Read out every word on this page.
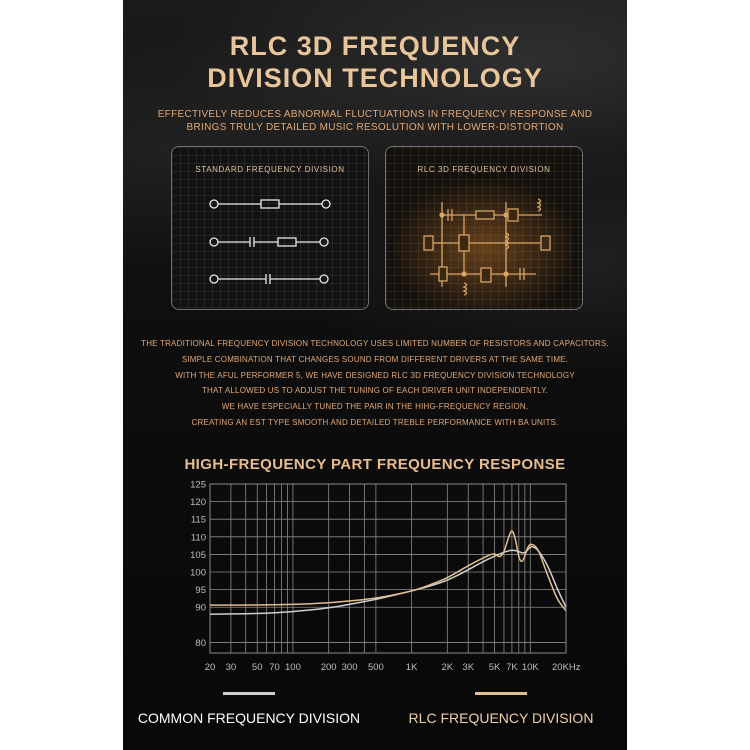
RLC 3D FREQUENCY
DIVISION TECHNOLOGY
EFFECTIVELY REDUCES ABNORMAL FLUCTUATIONS IN FREQUENCY RESPONSE AND
BRINGS TRULY DETAILED MUSIC RESOLUTION WITH LOWER-DISTORTION
STANDARD FREQUENCY DIVISION	RLC 3D FREQUENCY DIVISION
THE TRADITIONAL FREQUENCY DIVISION TECHNOLOGY USES LIMITED NUMBER OF RESISTORS AND CAPACITORS.
SIMPLE COMBINATION THAT CHANGES SOUND FROM DIFFERENT DRIVERS AT THE SAME TIME.
WITH THE AFUL PERFORMER 5, WE HAVE DESIGNED RLC 3D FREQUENCY DIVISION TECHNOLOGY
THAT ALLOWED US TO ADJUST THE TUNING OF EACH DRIVER UNIT INDEPENDENTLY.
WE HAVE ESPECIALLY TUNED THE PAIR IN THE HIHG-FREQUENCY REGION,
CREATING AN EST TYPE SMOOTH AND DETAILED TREBLE PERFORMANCE WITH BA UNITS.
HIGH-FREQUENCY PART FREQUENCY RESPONSE
80
90
95
100
105
110
115
120
125
20 30 50 70 100 200 300 500 1K	2K 3K 5K 7K 10K 20KHz
COMMON FREQUENCY DIVISION	RLC FREQUENCY DIVISION
